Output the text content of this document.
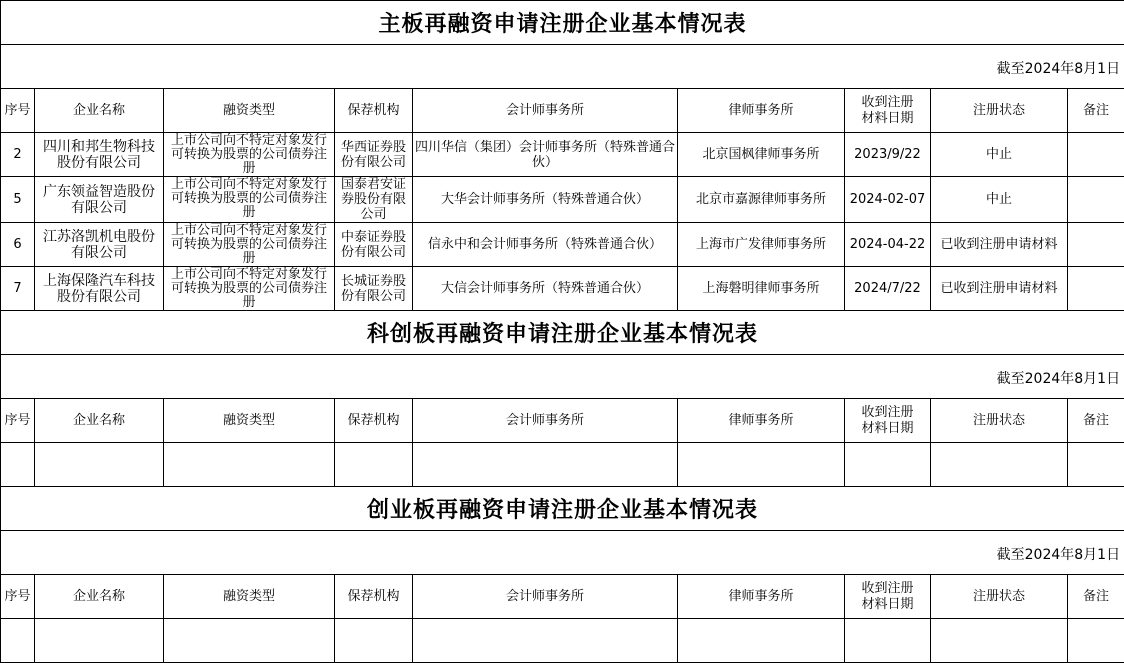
主板再融资申请注册企业基本情况表								
截至2024年8月1日								
序号	企业名称	融资类型	保荐机构	会计师事务所	律师事务所	收到注册材料日期	注册状态	备注
2	四川和邦生物科技股份有限公司	上市公司向不特定对象发行可转换为股票的公司债券注册	华西证券股份有限公司	四川华信（集团）会计师事务所（特殊普通合伙）	北京国枫律师事务所	2023/9/22	中止	
5	广东领益智造股份有限公司	上市公司向不特定对象发行可转换为股票的公司债券注册	国泰君安证券股份有限公司	大华会计师事务所（特殊普通合伙）	北京市嘉源律师事务所	2024-02-07	中止	
6	江苏洛凯机电股份有限公司	上市公司向不特定对象发行可转换为股票的公司债券注册	中泰证券股份有限公司	信永中和会计师事务所（特殊普通合伙）	上海市广发律师事务所	2024-04-22	已收到注册申请材料	
7	上海保隆汽车科技股份有限公司	上市公司向不特定对象发行可转换为股票的公司债券注册	长城证券股份有限公司	大信会计师事务所（特殊普通合伙）	上海磐明律师事务所	2024/7/22	已收到注册申请材料	
科创板再融资申请注册企业基本情况表								
截至2024年8月1日								
序号	企业名称	融资类型	保荐机构	会计师事务所	律师事务所	收到注册材料日期	注册状态	备注

创业板再融资申请注册企业基本情况表								
截至2024年8月1日								
序号	企业名称	融资类型	保荐机构	会计师事务所	律师事务所	收到注册材料日期	注册状态	备注
